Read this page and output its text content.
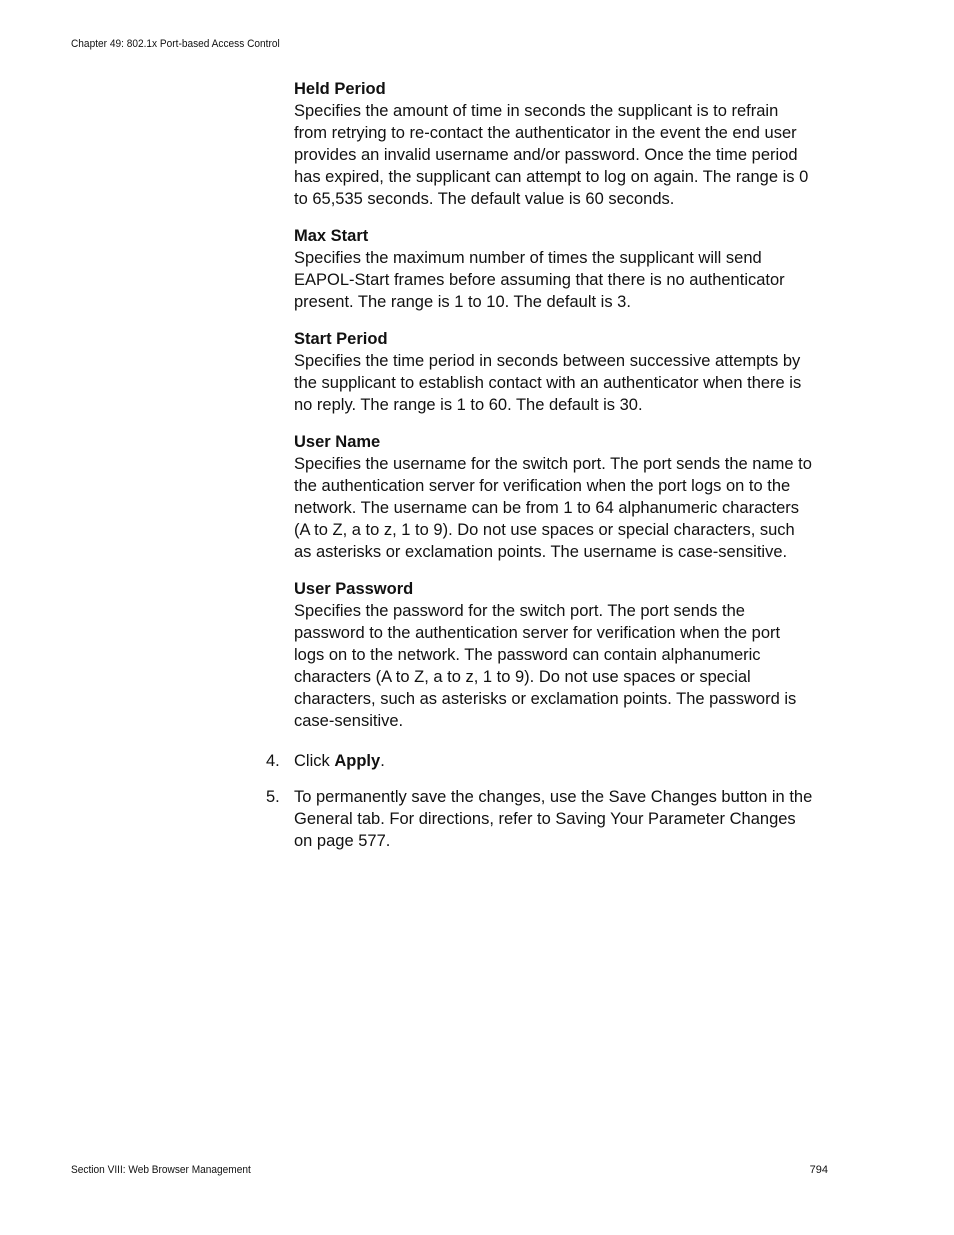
Chapter 49: 802.1x Port-based Access Control
Held Period
Specifies the amount of time in seconds the supplicant is to refrain from retrying to re-contact the authenticator in the event the end user provides an invalid username and/or password. Once the time period has expired, the supplicant can attempt to log on again. The range is 0 to 65,535 seconds. The default value is 60 seconds.
Max Start
Specifies the maximum number of times the supplicant will send EAPOL-Start frames before assuming that there is no authenticator present. The range is 1 to 10. The default is 3.
Start Period
Specifies the time period in seconds between successive attempts by the supplicant to establish contact with an authenticator when there is no reply. The range is 1 to 60. The default is 30.
User Name
Specifies the username for the switch port. The port sends the name to the authentication server for verification when the port logs on to the network. The username can be from 1 to 64 alphanumeric characters (A to Z, a to z, 1 to 9). Do not use spaces or special characters, such as asterisks or exclamation points. The username is case-sensitive.
User Password
Specifies the password for the switch port. The port sends the password to the authentication server for verification when the port logs on to the network. The password can contain alphanumeric characters (A to Z, a to z, 1 to 9). Do not use spaces or special characters, such as asterisks or exclamation points. The password is case-sensitive.
4. Click Apply.
5. To permanently save the changes, use the Save Changes button in the General tab. For directions, refer to Saving Your Parameter Changes on page 577.
Section VIII: Web Browser Management	794
